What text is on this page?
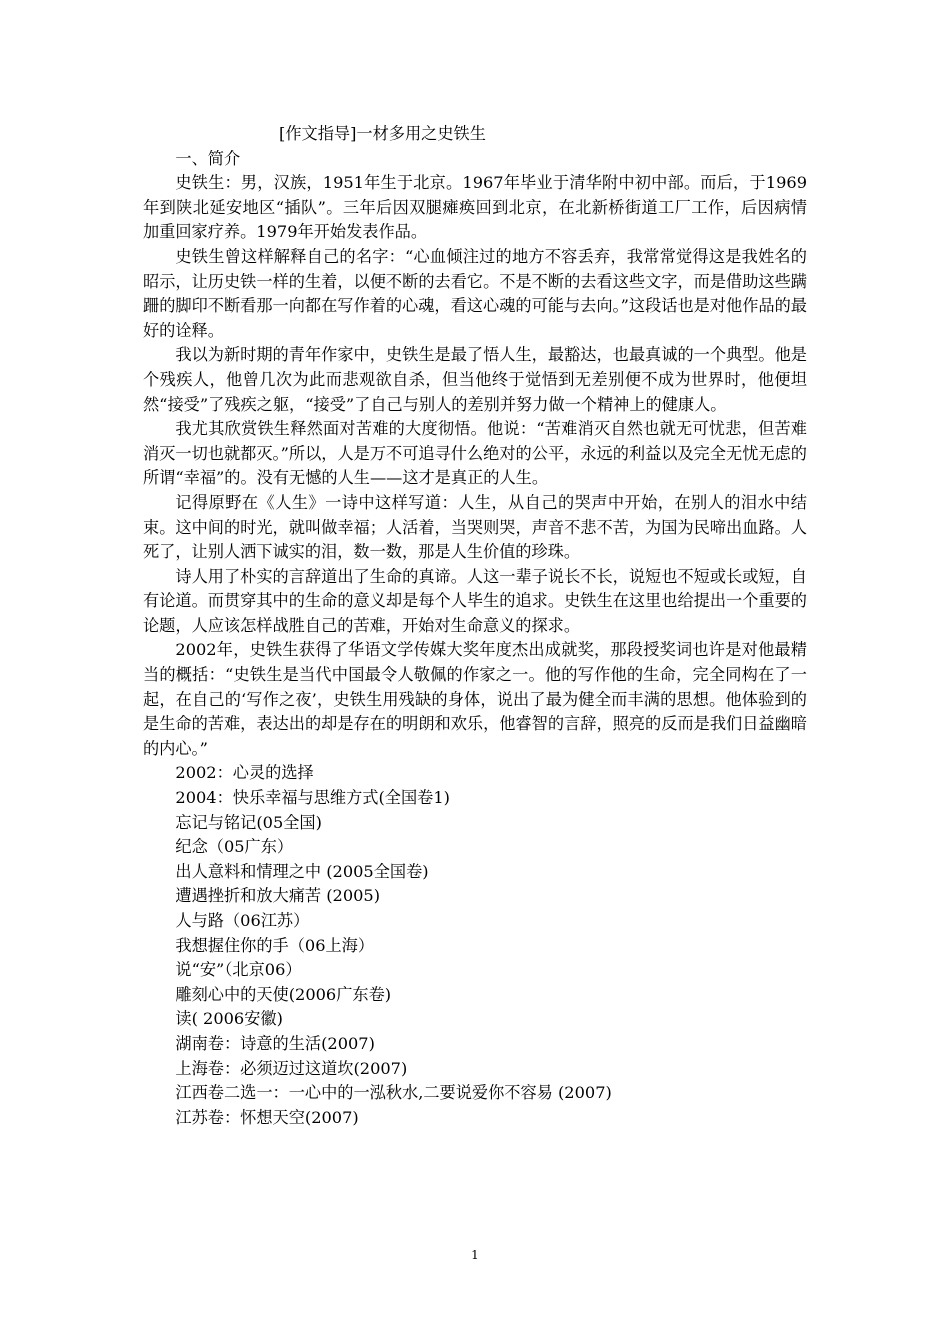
[作文指导]一材多用之史铁生

一、简介

史铁生：男，汉族，1951年生于北京。1967年毕业于清华附中初中部。而后，于1969年到陕北延安地区“插队”。三年后因双腿瘫痪回到北京，在北新桥街道工厂工作，后因病情加重回家疗养。1979年开始发表作品。

史铁生曾这样解释自己的名字：“心血倾注过的地方不容丢弃，我常常觉得这是我姓名的昭示，让历史铁一样的生着，以便不断的去看它。不是不断的去看这些文字，而是借助这些蹒跚的脚印不断看那一向都在写作着的心魂，看这心魂的可能与去向。”这段话也是对他作品的最好的诠释。

我以为新时期的青年作家中，史铁生是最了悟人生，最豁达，也最真诚的一个典型。他是个残疾人，他曾几次为此而悲观欲自杀，但当他终于觉悟到无差别便不成为世界时，他便坦然“接受”了残疾之躯，“接受”了自己与别人的差别并努力做一个精神上的健康人。

我尤其欣赏铁生释然面对苦难的大度彻悟。他说：“苦难消灭自然也就无可忧悲，但苦难消灭一切也就都灭。”所以，人是万不可追寻什么绝对的公平，永远的利益以及完全无忧无虑的所谓“幸福”的。没有无憾的人生——这才是真正的人生。

记得原野在《人生》一诗中这样写道：人生，从自己的哭声中开始，在别人的泪水中结束。这中间的时光，就叫做幸福；人活着，当哭则哭，声音不悲不苦，为国为民啼出血路。人死了，让别人洒下诚实的泪，数一数，那是人生价值的珍珠。

诗人用了朴实的言辞道出了生命的真谛。人这一辈子说长不长，说短也不短或长或短，自有论道。而贯穿其中的生命的意义却是每个人毕生的追求。史铁生在这里也给提出一个重要的论题，人应该怎样战胜自己的苦难，开始对生命意义的探求。

2002年，史铁生获得了华语文学传媒大奖年度杰出成就奖，那段授奖词也许是对他最精当的概括：“史铁生是当代中国最令人敬佩的作家之一。他的写作他的生命，完全同构在了一起，在自己的‘写作之夜’，史铁生用残缺的身体，说出了最为健全而丰满的思想。他体验到的是生命的苦难，表达出的却是存在的明朗和欢乐，他睿智的言辞，照亮的反而是我们日益幽暗的内心。”

2002：心灵的选择

2004：快乐幸福与思维方式(全国卷1)

忘记与铭记(05全国)

纪念（05广东）

出人意料和情理之中 (2005全国卷)

遭遇挫折和放大痛苦 (2005)

人与路（06江苏）

我想握住你的手（06上海）

说“安”（北京06）

雕刻心中的天使(2006广东卷)

读( 2006安徽)

湖南卷：诗意的生活(2007)

上海卷：必须迈过这道坎(2007)

江西卷二选一：一心中的一泓秋水,二要说爱你不容易 (2007)

江苏卷：怀想天空(2007)

1
